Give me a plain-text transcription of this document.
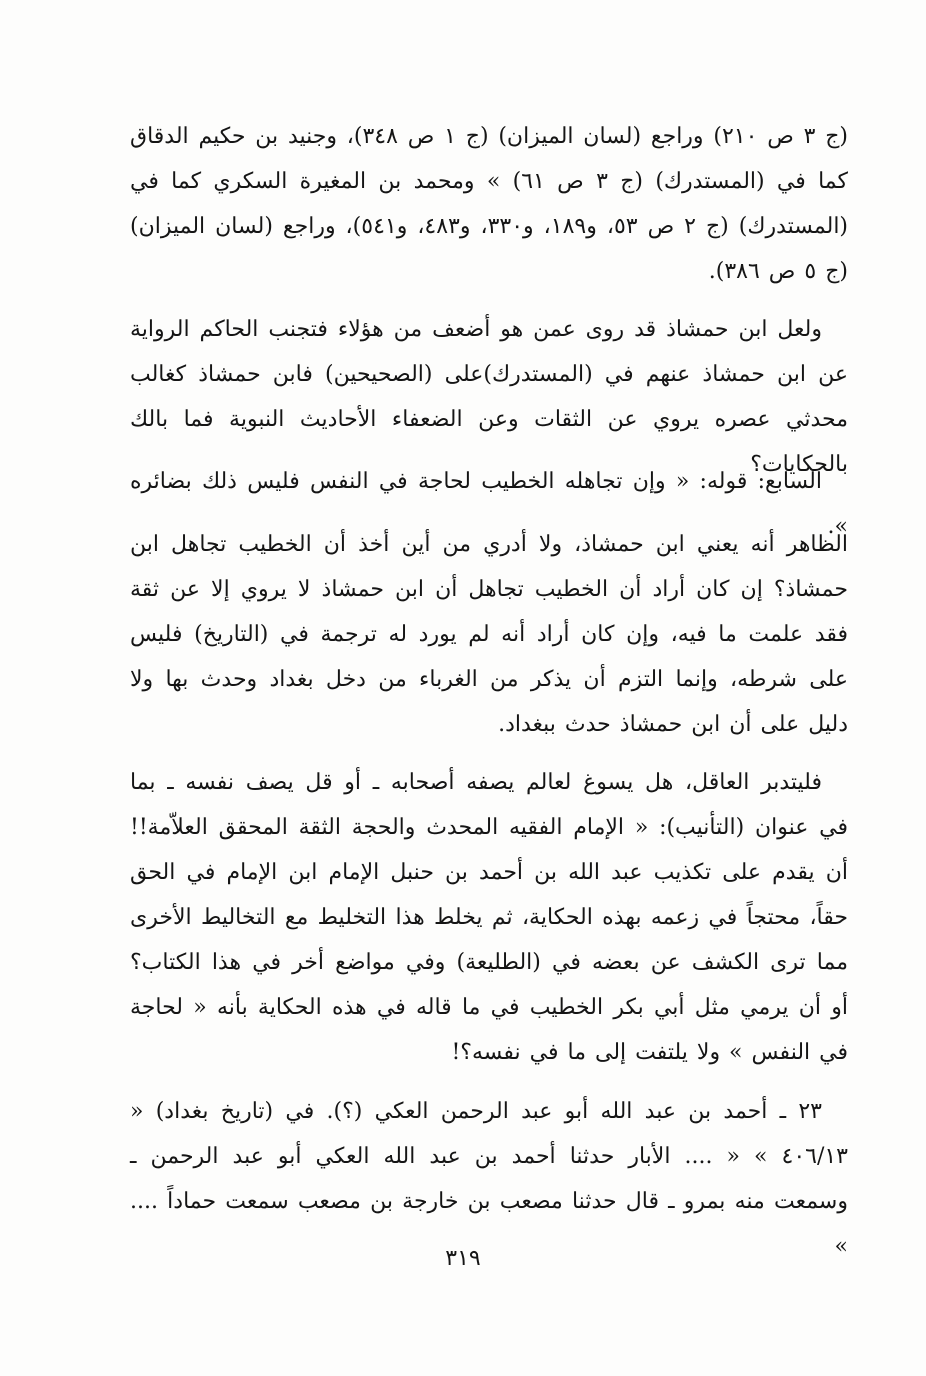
(ج ٣ ص ٢١٠) وراجع (لسان الميزان) (ج ١ ص ٣٤٨)، وجنيد بن حكيم الدقاق كما في (المستدرك) (ج ٣ ص ٦١) » ومحمد بن المغيرة السكري كما في (المستدرك) (ج ٢ ص ٥٣، و١٨٩، و٣٣٠، و٤٨٣، و٥٤١)، وراجع (لسان الميزان) (ج ٥ ص ٣٨٦).

ولعل ابن حمشاذ قد روى عمن هو أضعف من هؤلاء فتجنب الحاكم الرواية عن ابن حمشاذ عنهم في (المستدرك)على (الصحيحين) فابن حمشاذ كغالب محدثي عصره يروي عن الثقات وعن الضعفاء الأحاديث النبوية فما بالك بالحكايات؟

السابع: قوله: « وإن تجاهله الخطيب لحاجة في النفس فليس ذلك بضائره ».

الظاهر أنه يعني ابن حمشاذ، ولا أدري من أين أخذ أن الخطيب تجاهل ابن حمشاذ؟ إن كان أراد أن الخطيب تجاهل أن ابن حمشاذ لا يروي إلا عن ثقة فقد علمت ما فيه، وإن كان أراد أنه لم يورد له ترجمة في (التاريخ) فليس على شرطه، وإنما التزم أن يذكر من الغرباء من دخل بغداد وحدث بها ولا دليل على أن ابن حمشاذ حدث ببغداد.

فليتدبر العاقل، هل يسوغ لعالم يصفه أصحابه ـ أو قل يصف نفسه ـ بما في عنوان (التأنيب): « الإمام الفقيه المحدث والحجة الثقة المحقق العلاّمة!! أن يقدم على تكذيب عبد الله بن أحمد بن حنبل الإمام ابن الإمام في الحق حقاً، محتجاً في زعمه بهذه الحكاية، ثم يخلط هذا التخليط مع التخاليط الأخرى مما ترى الكشف عن بعضه في (الطليعة) وفي مواضع أخر في هذا الكتاب؟ أو أن يرمي مثل أبي بكر الخطيب في ما قاله في هذه الحكاية بأنه « لحاجة في النفس » ولا يلتفت إلى ما في نفسه؟!

٢٣ ـ أحمد بن عبد الله أبو عبد الرحمن العكي (؟). في (تاريخ بغداد) « ٤٠٦/١٣ » « .... الأبار حدثنا أحمد بن عبد الله العكي أبو عبد الرحمن ـ وسمعت منه بمرو ـ قال حدثنا مصعب بن خارجة بن مصعب سمعت حماداً .... »

٣١٩
